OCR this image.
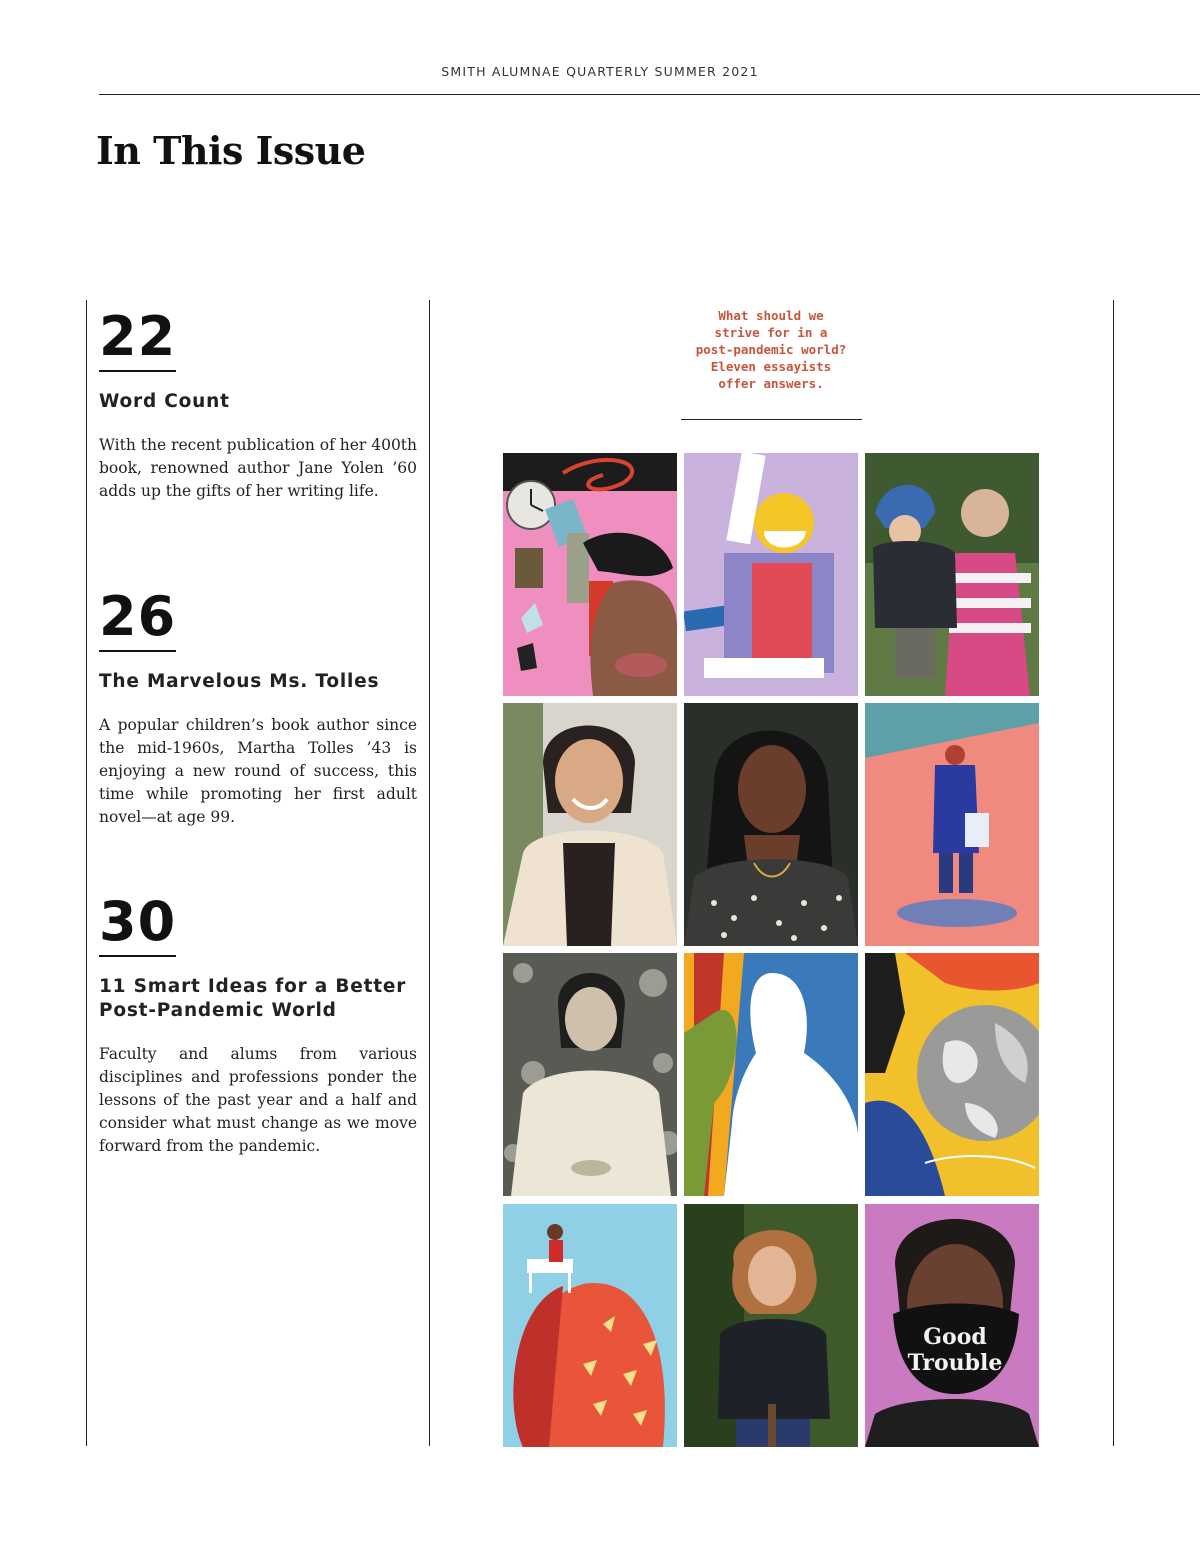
SMITH ALUMNAE QUARTERLY SUMMER 2021
In This Issue
22
Word Count

With the recent publication of her 400th book, renowned author Jane Yolen ’60 adds up the gifts of her writing life.

26
The Marvelous Ms. Tolles

A popular children’s book author since the mid-1960s, Martha Tolles ’43 is enjoying a new round of success, this time while promoting her first adult novel—at age 99.

30
11 Smart Ideas for a Better Post-Pandemic World

Faculty and alums from various disciplines and professions ponder the lessons of the past year and a half and consider what must change as we move forward from the pandemic.

What should we
strive for in a
post-pandemic world?
Eleven essayists
offer answers.

Good
Trouble
